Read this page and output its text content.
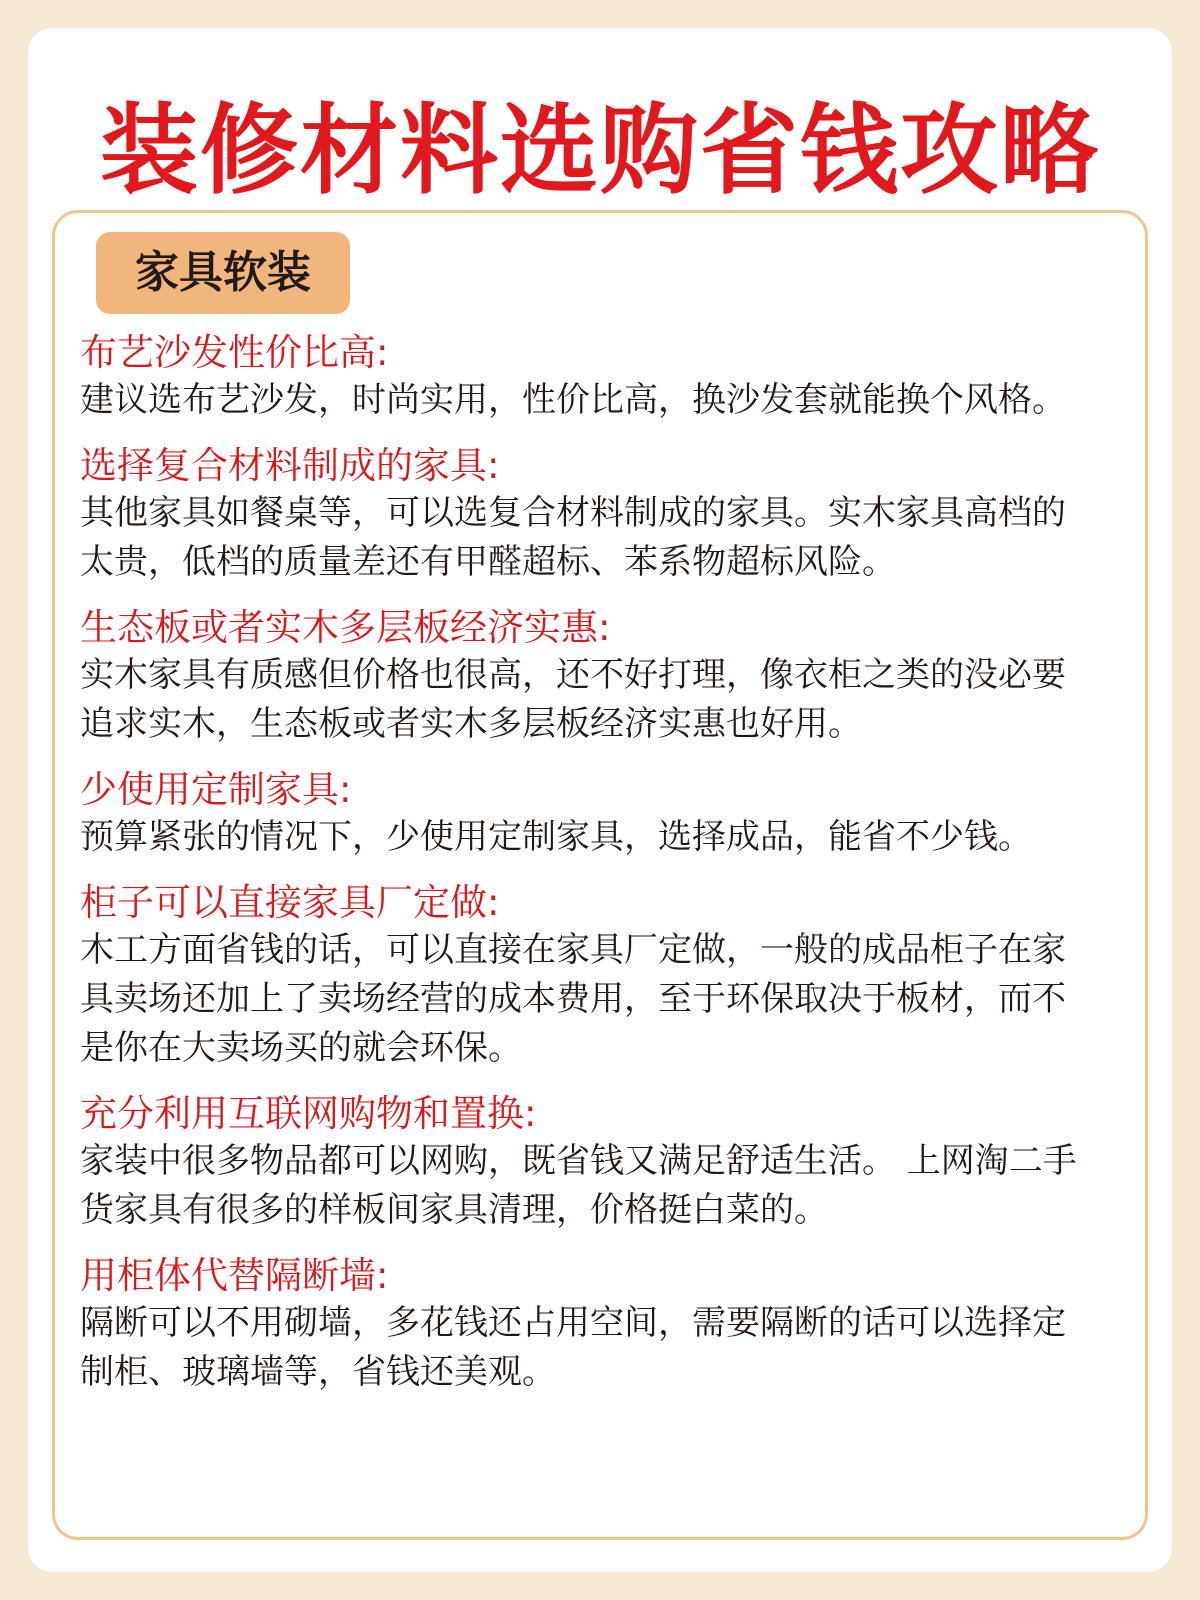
装修材料选购省钱攻略
家具软装
布艺沙发性价比高:
建议选布艺沙发，时尚实用，性价比高，换沙发套就能换个风格。
选择复合材料制成的家具:
其他家具如餐桌等，可以选复合材料制成的家具。实木家具高档的太贵，低档的质量差还有甲醛超标、苯系物超标风险。
生态板或者实木多层板经济实惠:
实木家具有质感但价格也很高，还不好打理，像衣柜之类的没必要追求实木，生态板或者实木多层板经济实惠也好用。
少使用定制家具:
预算紧张的情况下，少使用定制家具，选择成品，能省不少钱。
柜子可以直接家具厂定做:
木工方面省钱的话，可以直接在家具厂定做，一般的成品柜子在家具卖场还加上了卖场经营的成本费用，至于环保取决于板材，而不是你在大卖场买的就会环保。
充分利用互联网购物和置换:
家装中很多物品都可以网购，既省钱又满足舒适生活。 上网淘二手货家具有很多的样板间家具清理，价格挺白菜的。
用柜体代替隔断墙:
隔断可以不用砌墙，多花钱还占用空间，需要隔断的话可以选择定制柜、玻璃墙等，省钱还美观。
